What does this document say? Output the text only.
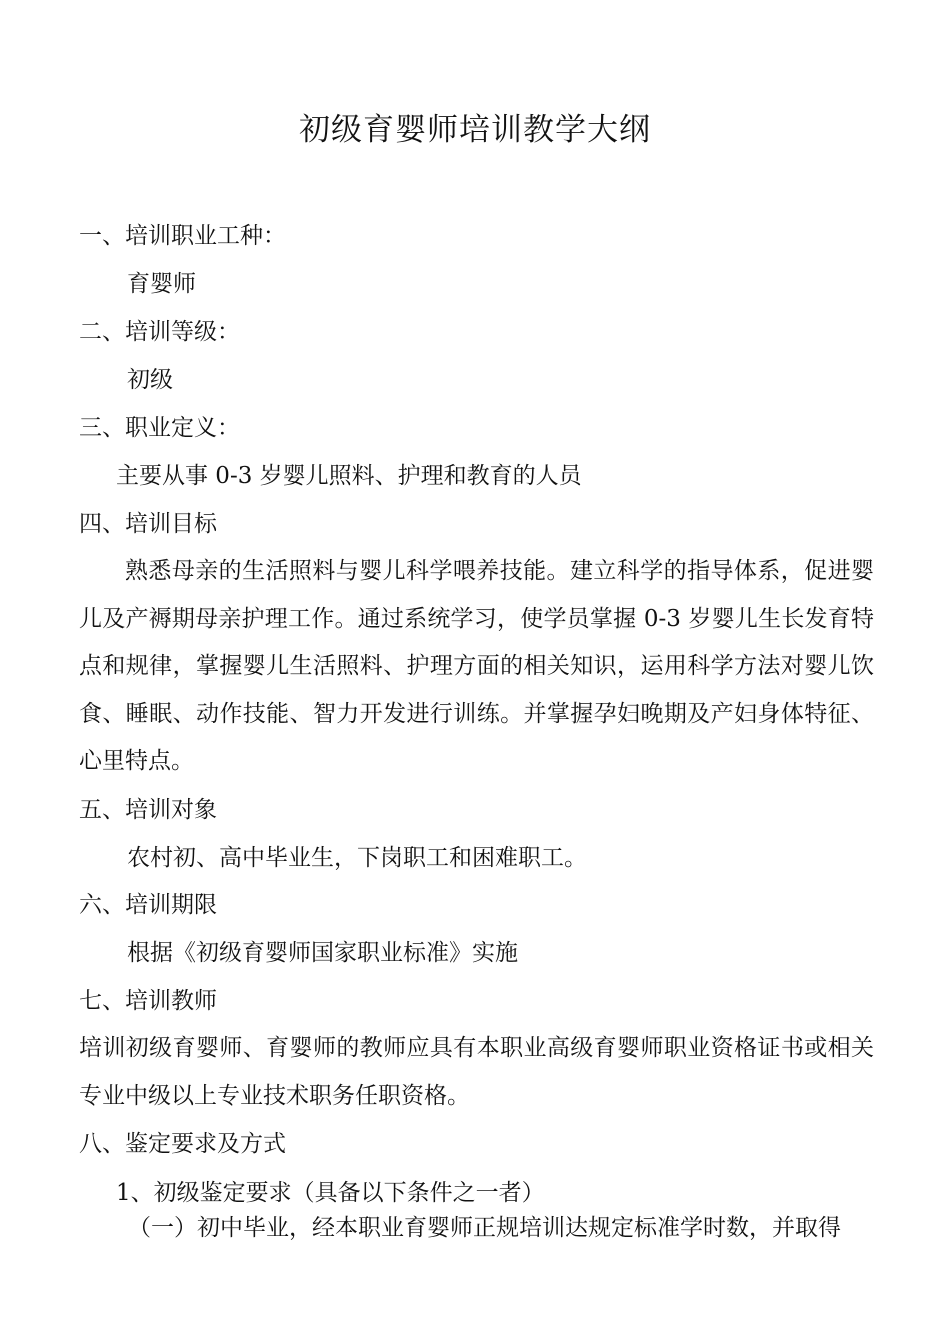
初级育婴师培训教学大纲
一、培训职业工种：
育婴师
二、培训等级：
初级
三、职业定义：
主要从事 0-3 岁婴儿照料、护理和教育的人员
四、培训目标
熟悉母亲的生活照料与婴儿科学喂养技能。建立科学的指导体系，促进婴儿及产褥期母亲护理工作。通过系统学习，使学员掌握 0-3 岁婴儿生长发育特点和规律，掌握婴儿生活照料、护理方面的相关知识，运用科学方法对婴儿饮食、睡眠、动作技能、智力开发进行训练。并掌握孕妇晚期及产妇身体特征、心里特点。
五、培训对象
农村初、高中毕业生，下岗职工和困难职工。
六、培训期限
根据《初级育婴师国家职业标准》实施
七、培训教师
培训初级育婴师、育婴师的教师应具有本职业高级育婴师职业资格证书或相关专业中级以上专业技术职务任职资格。
八、鉴定要求及方式
1、初级鉴定要求（具备以下条件之一者）
（一）初中毕业，经本职业育婴师正规培训达规定标准学时数，并取得
